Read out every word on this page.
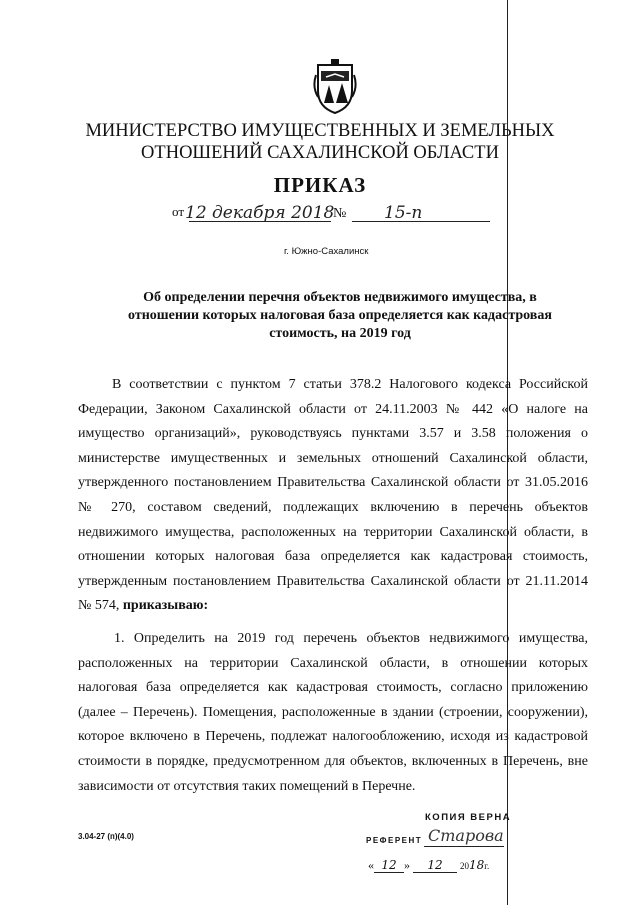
МИНИСТЕРСТВО ИМУЩЕСТВЕННЫХ И ЗЕМЕЛЬНЫХ
ОТНОШЕНИЙ САХАЛИНСКОЙ ОБЛАСТИ
ПРИКАЗ
от 12 декабря 2018
№ 15-п
г. Южно-Сахалинск
Об определении перечня объектов недвижимого имущества, в
отношении которых налоговая база определяется как кадастровая
стоимость, на 2019 год

В соответствии с пунктом 7 статьи 378.2 Налогового кодекса Российской Федерации, Законом Сахалинской области от 24.11.2003 № 442 «О налоге на имущество организаций», руководствуясь пунктами 3.57 и 3.58 положения о министерстве имущественных и земельных отношений Сахалинской области, утвержденного постановлением Правительства Сахалинской области от 31.05.2016 № 270, составом сведений, подлежащих включению в перечень объектов недвижимого имущества, расположенных на территории Сахалинской области, в отношении которых налоговая база определяется как кадастровая стоимость, утвержденным постановлением Правительства Сахалинской области от 21.11.2014 № 574, приказываю:

1. Определить на 2019 год перечень объектов недвижимого имущества, расположенных на территории Сахалинской области, в отношении которых налоговая база определяется как кадастровая стоимость, согласно приложению (далее – Перечень). Помещения, расположенные в здании (строении, сооружении), которое включено в Перечень, подлежат налогообложению, исходя из кадастровой стоимости в порядке, предусмотренном для объектов, включенных в Перечень, вне зависимости от отсутствия таких помещений в Перечне.

3.04-27 (п)(4.0)
КОПИЯ ВЕРНА
РЕФЕРЕНТ Старова
« 12 » 12 2018г.
